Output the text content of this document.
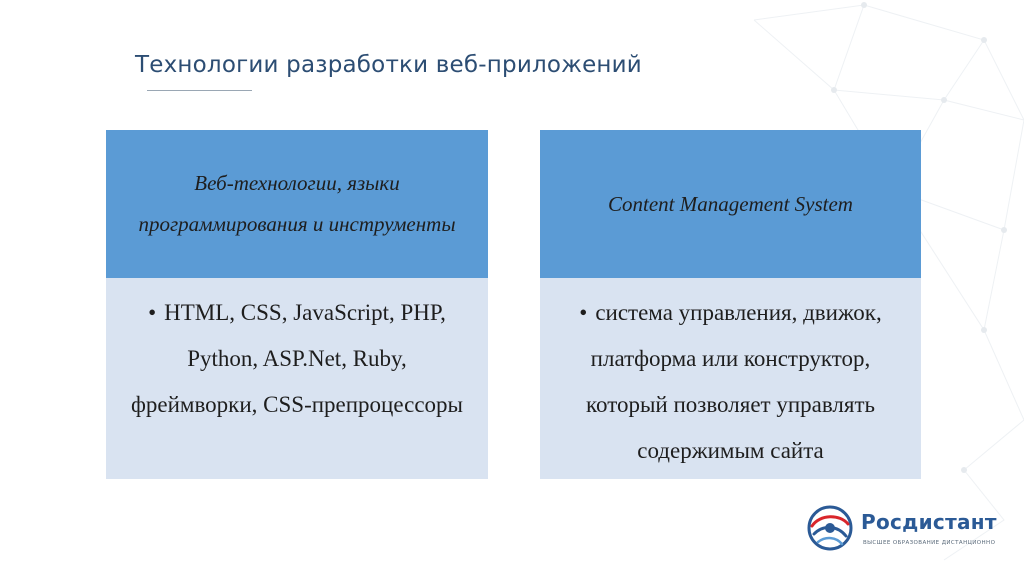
Технологии разработки веб-приложений
Веб-технологии, языки программирования и инструменты
• HTML, CSS, JavaScript, PHP, Python, ASP.Net, Ruby, фреймворки, CSS-препроцессоры
Content Management System
• система управления, движок, платформа или конструктор, который позволяет управлять содержимым сайта
Росдистант
ВЫСШЕЕ ОБРАЗОВАНИЕ ДИСТАНЦИОННО
